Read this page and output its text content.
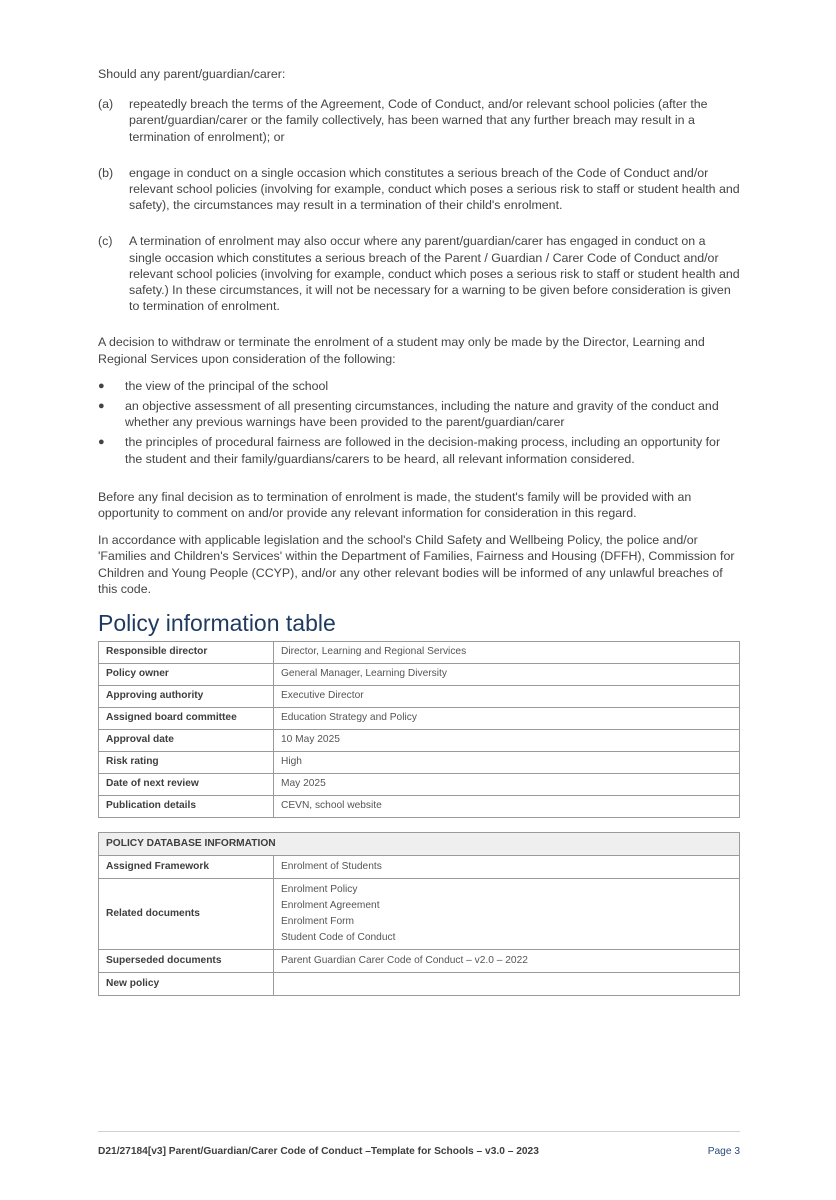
Should any parent/guardian/carer:

(a)	repeatedly breach the terms of the Agreement, Code of Conduct, and/or relevant school policies (after the parent/guardian/carer or the family collectively, has been warned that any further breach may result in a termination of enrolment); or
(b)	engage in conduct on a single occasion which constitutes a serious breach of the Code of Conduct and/or relevant school policies (involving for example, conduct which poses a serious risk to staff or student health and safety), the circumstances may result in a termination of their child's enrolment.
(c)	A termination of enrolment may also occur where any parent/guardian/carer has engaged in conduct on a single occasion which constitutes a serious breach of the Parent / Guardian / Carer Code of Conduct and/or relevant school policies (involving for example, conduct which poses a serious risk to staff or student health and safety.) In these circumstances, it will not be necessary for a warning to be given before consideration is given to termination of enrolment.

A decision to withdraw or terminate the enrolment of a student may only be made by the Director, Learning and Regional Services upon consideration of the following:

●	the view of the principal of the school
●	an objective assessment of all presenting circumstances, including the nature and gravity of the conduct and whether any previous warnings have been provided to the parent/guardian/carer
●	the principles of procedural fairness are followed in the decision-making process, including an opportunity for the student and their family/guardians/carers to be heard, all relevant information considered.

Before any final decision as to termination of enrolment is made, the student's family will be provided with an opportunity to comment on and/or provide any relevant information for consideration in this regard.

In accordance with applicable legislation and the school's Child Safety and Wellbeing Policy, the police and/or 'Families and Children's Services' within the Department of Families, Fairness and Housing (DFFH), Commission for Children and Young People (CCYP), and/or any other relevant bodies will be informed of any unlawful breaches of this code.

Policy information table
Responsible director	Director, Learning and Regional Services
Policy owner	General Manager, Learning Diversity
Approving authority	Executive Director
Assigned board committee	Education Strategy and Policy
Approval date	10 May 2025
Risk rating	High
Date of next review	May 2025
Publication details	CEVN, school website
POLICY DATABASE INFORMATION	
Assigned Framework	Enrolment of Students
Related documents	Enrolment Policy
Enrolment Agreement
Enrolment Form
Student Code of Conduct

Superseded documents	Parent Guardian Carer Code of Conduct – v2.0 – 2022
New policy	
D21/27184[v3] Parent/Guardian/Carer Code of Conduct –Template for Schools – v3.0 – 2023	Page 3
